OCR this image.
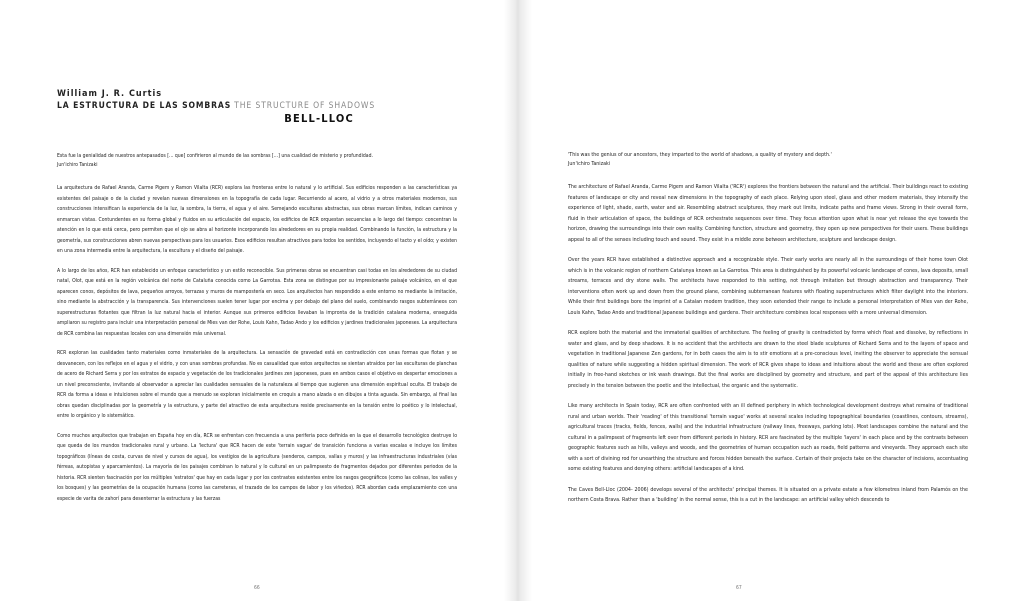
William J. R. Curtis
LA ESTRUCTURA DE LAS SOMBRAS THE STRUCTURE OF SHADOWS
BELL-LLOC
Esta fue la genialidad de nuestros antepasados [... que] confirieron al mundo de las sombras [...] una cualidad de misterio y profundidad.
Jun'ichiro Tanizaki

La arquitectura de Rafael Aranda, Carme Pigem y Ramon Vilalta (RCR) explora las fronteras entre lo natural y lo artificial. Sus edificios responden a las características ya existentes del paisaje o de la ciudad y revelan nuevas dimensiones en la topografía de cada lugar. Recurriendo al acero, al vidrio y a otros materiales modernos, sus construcciones intensifican la experiencia de la luz, la sombra, la tierra, el agua y el aire. Semejando esculturas abstractas, sus obras marcan límites, indican caminos y enmarcan vistas. Contundentes en su forma global y fluidos en su articulación del espacio, los edificios de RCR orquestan secuencias a lo largo del tiempo: concentran la atención en lo que está cerca, pero permiten que el ojo se abra al horizonte incorporando los alrededores en su propia realidad. Combinando la función, la estructura y la geometría, sus construcciones abren nuevas perspectivas para los usuarios. Esos edificios resultan atractivos para todos los sentidos, incluyendo el tacto y el oído; y existen en una zona intermedia entre la arquitectura, la escultura y el diseño del paisaje.

A lo largo de los años, RCR han establecido un enfoque característico y un estilo reconocible. Sus primeras obras se encuentran casi todas en los alrededores de su ciudad natal, Olot, que está en la región volcánica del norte de Cataluña conocida como La Garrotxa. Esta zona se distingue por su impresionante paisaje volcánico, en el que aparecen conos, depósitos de lava, pequeños arroyos, terrazas y muros de mampostería en seco. Los arquitectos han respondido a este entorno no mediante la imitación, sino mediante la abstracción y la transparencia. Sus intervenciones suelen tener lugar por encima y por debajo del plano del suelo, combinando rasgos subterráneos con superestructuras flotantes que filtran la luz natural hacia el interior. Aunque sus primeros edificios llevaban la impronta de la tradición catalana moderna, enseguida ampliaron su registro para incluir una interpretación personal de Mies van der Rohe, Louis Kahn, Tadao Ando y los edificios y jardines tradicionales japoneses. La arquitectura de RCR combina las respuestas locales con una dimensión más universal.

RCR exploran las cualidades tanto materiales como inmateriales de la arquitectura. La sensación de gravedad está en contradicción con unas formas que flotan y se desvanecen, con los reflejos en el agua y el vidrio, y con unas sombras profundas. No es casualidad que estos arquitectos se sientan atraídos por las esculturas de planchas de acero de Richard Serra y por los estratos de espacio y vegetación de los tradicionales jardines zen japoneses, pues en ambos casos el objetivo es despertar emociones a un nivel preconsciente, invitando al observador a apreciar las cualidades sensuales de la naturaleza al tiempo que sugieren una dimensión espiritual oculta. El trabajo de RCR da forma a ideas e intuiciones sobre el mundo que a menudo se exploran inicialmente en croquis a mano alzada o en dibujos a tinta aguada. Sin embargo, al final las obras quedan disciplinadas por la geometría y la estructura, y parte del atractivo de esta arquitectura reside precisamente en la tensión entre lo poético y lo intelectual, entre lo orgánico y lo sistemático.

Como muchos arquitectos que trabajan en España hoy en día, RCR se enfrentan con frecuencia a una periferia poco definida en la que el desarrollo tecnológico destruye lo que queda de los mundos tradicionales rural y urbano. La 'lectura' que RCR hacen de este 'terrain vague' de transición funciona a varias escalas e incluye los límites topográficos (líneas de costa, curvas de nivel y cursos de agua), los vestigios de la agricultura (senderos, campos, vallas y muros) y las infraestructuras industriales (vías férreas, autopistas y aparcamientos). La mayoría de los paisajes combinan lo natural y lo cultural en un palimpsesto de fragmentos dejados por diferentes periodos de la historia. RCR sienten fascinación por los múltiples 'estratos' que hay en cada lugar y por los contrastes existentes entre los rasgos geográficos (como las colinas, los valles y los bosques) y las geometrías de la ocupación humana (como las carreteras, el trazado de los campos de labor y los viñedos). RCR abordan cada emplazamiento con una especie de varita de zahorí para desenterrar la estructura y las fuerzas

66
'This was the genius of our ancestors, they imparted to the world of shadows, a quality of mystery and depth.'
Jun'ichiro Tanizaki

The architecture of Rafael Aranda, Carme Pigem and Ramon Vilalta ('RCR') explores the frontiers between the natural and the artificial. Their buildings react to existing features of landscape or city and reveal new dimensions in the topography of each place. Relying upon steel, glass and other modern materials, they intensify the experience of light, shade, earth, water and air. Resembling abstract sculptures, they mark out limits, indicate paths and frame views. Strong in their overall form, fluid in their articulation of space, the buildings of RCR orchestrate sequences over time. They focus attention upon what is near yet release the eye towards the horizon, drawing the surroundings into their own reality. Combining function, structure and geometry, they open up new perspectives for their users. These buildings appeal to all of the senses including touch and sound. They exist in a middle zone between architecture, sculpture and landscape design.

Over the years RCR have established a distinctive approach and a recognizable style. Their early works are nearly all in the surroundings of their home town Olot which is in the volcanic region of northern Catalunya known as La Garrotxa. This area is distinguished by its powerful volcanic landscape of cones, lava deposits, small streams, terraces and dry stone walls. The architects have responded to this setting, not through imitation but through abstraction and transparency. Their interventions often work up and down from the ground plane, combining subterranean features with floating superstructures which filter daylight into the interiors. While their first buildings bore the imprint of a Catalan modern tradition, they soon extended their range to include a personal interpretation of Mies van der Rohe, Louis Kahn, Tadao Ando and traditional Japanese buildings and gardens. Their architecture combines local responses with a more universal dimension.

RCR explore both the material and the immaterial qualities of architecture. The feeling of gravity is contradicted by forms which float and dissolve, by reflections in water and glass, and by deep shadows. It is no accident that the architects are drawn to the steel blade sculptures of Richard Serra and to the layers of space and vegetation in traditional Japanese Zen gardens, for in both cases the aim is to stir emotions at a pre-conscious level, inviting the observer to appreciate the sensual qualities of nature while suggesting a hidden spiritual dimension. The work of RCR gives shape to ideas and intuitions about the world and these are often explored initially in free-hand sketches or ink wash drawings. But the final works are disciplined by geometry and structure, and part of the appeal of this architecture lies precisely in the tension between the poetic and the intellectual, the organic and the systematic.

Like many architects in Spain today, RCR are often confronted with an ill defined periphery in which technological development destroys what remains of traditional rural and urban worlds. Their 'reading' of this transitional 'terrain vague' works at several scales including topographical boundaries (coastlines, contours, streams), agricultural traces (tracks, fields, fences, walls) and the industrial infrastructure (railway lines, freeways, parking lots). Most landscapes combine the natural and the cultural in a palimpsest of fragments left over from different periods in history. RCR are fascinated by the multiple 'layers' in each place and by the contrasts between geographic features such as hills, valleys and woods, and the geometries of human occupation such as roads, field patterns and vineyards. They approach each site with a sort of divining rod for unearthing the structure and forces hidden beneath the surface. Certain of their projects take on the character of incisions, accentuating some existing features and denying others: artificial landscapes of a kind.

The Caves Bell-Lloc (2004- 2006) develops several of the architects' principal themes. It is situated on a private estate a few kilometres inland from Palamós on the northern Costa Brava. Rather than a 'building' in the normal sense, this is a cut in the landscape: an artificial valley which descends to

67
